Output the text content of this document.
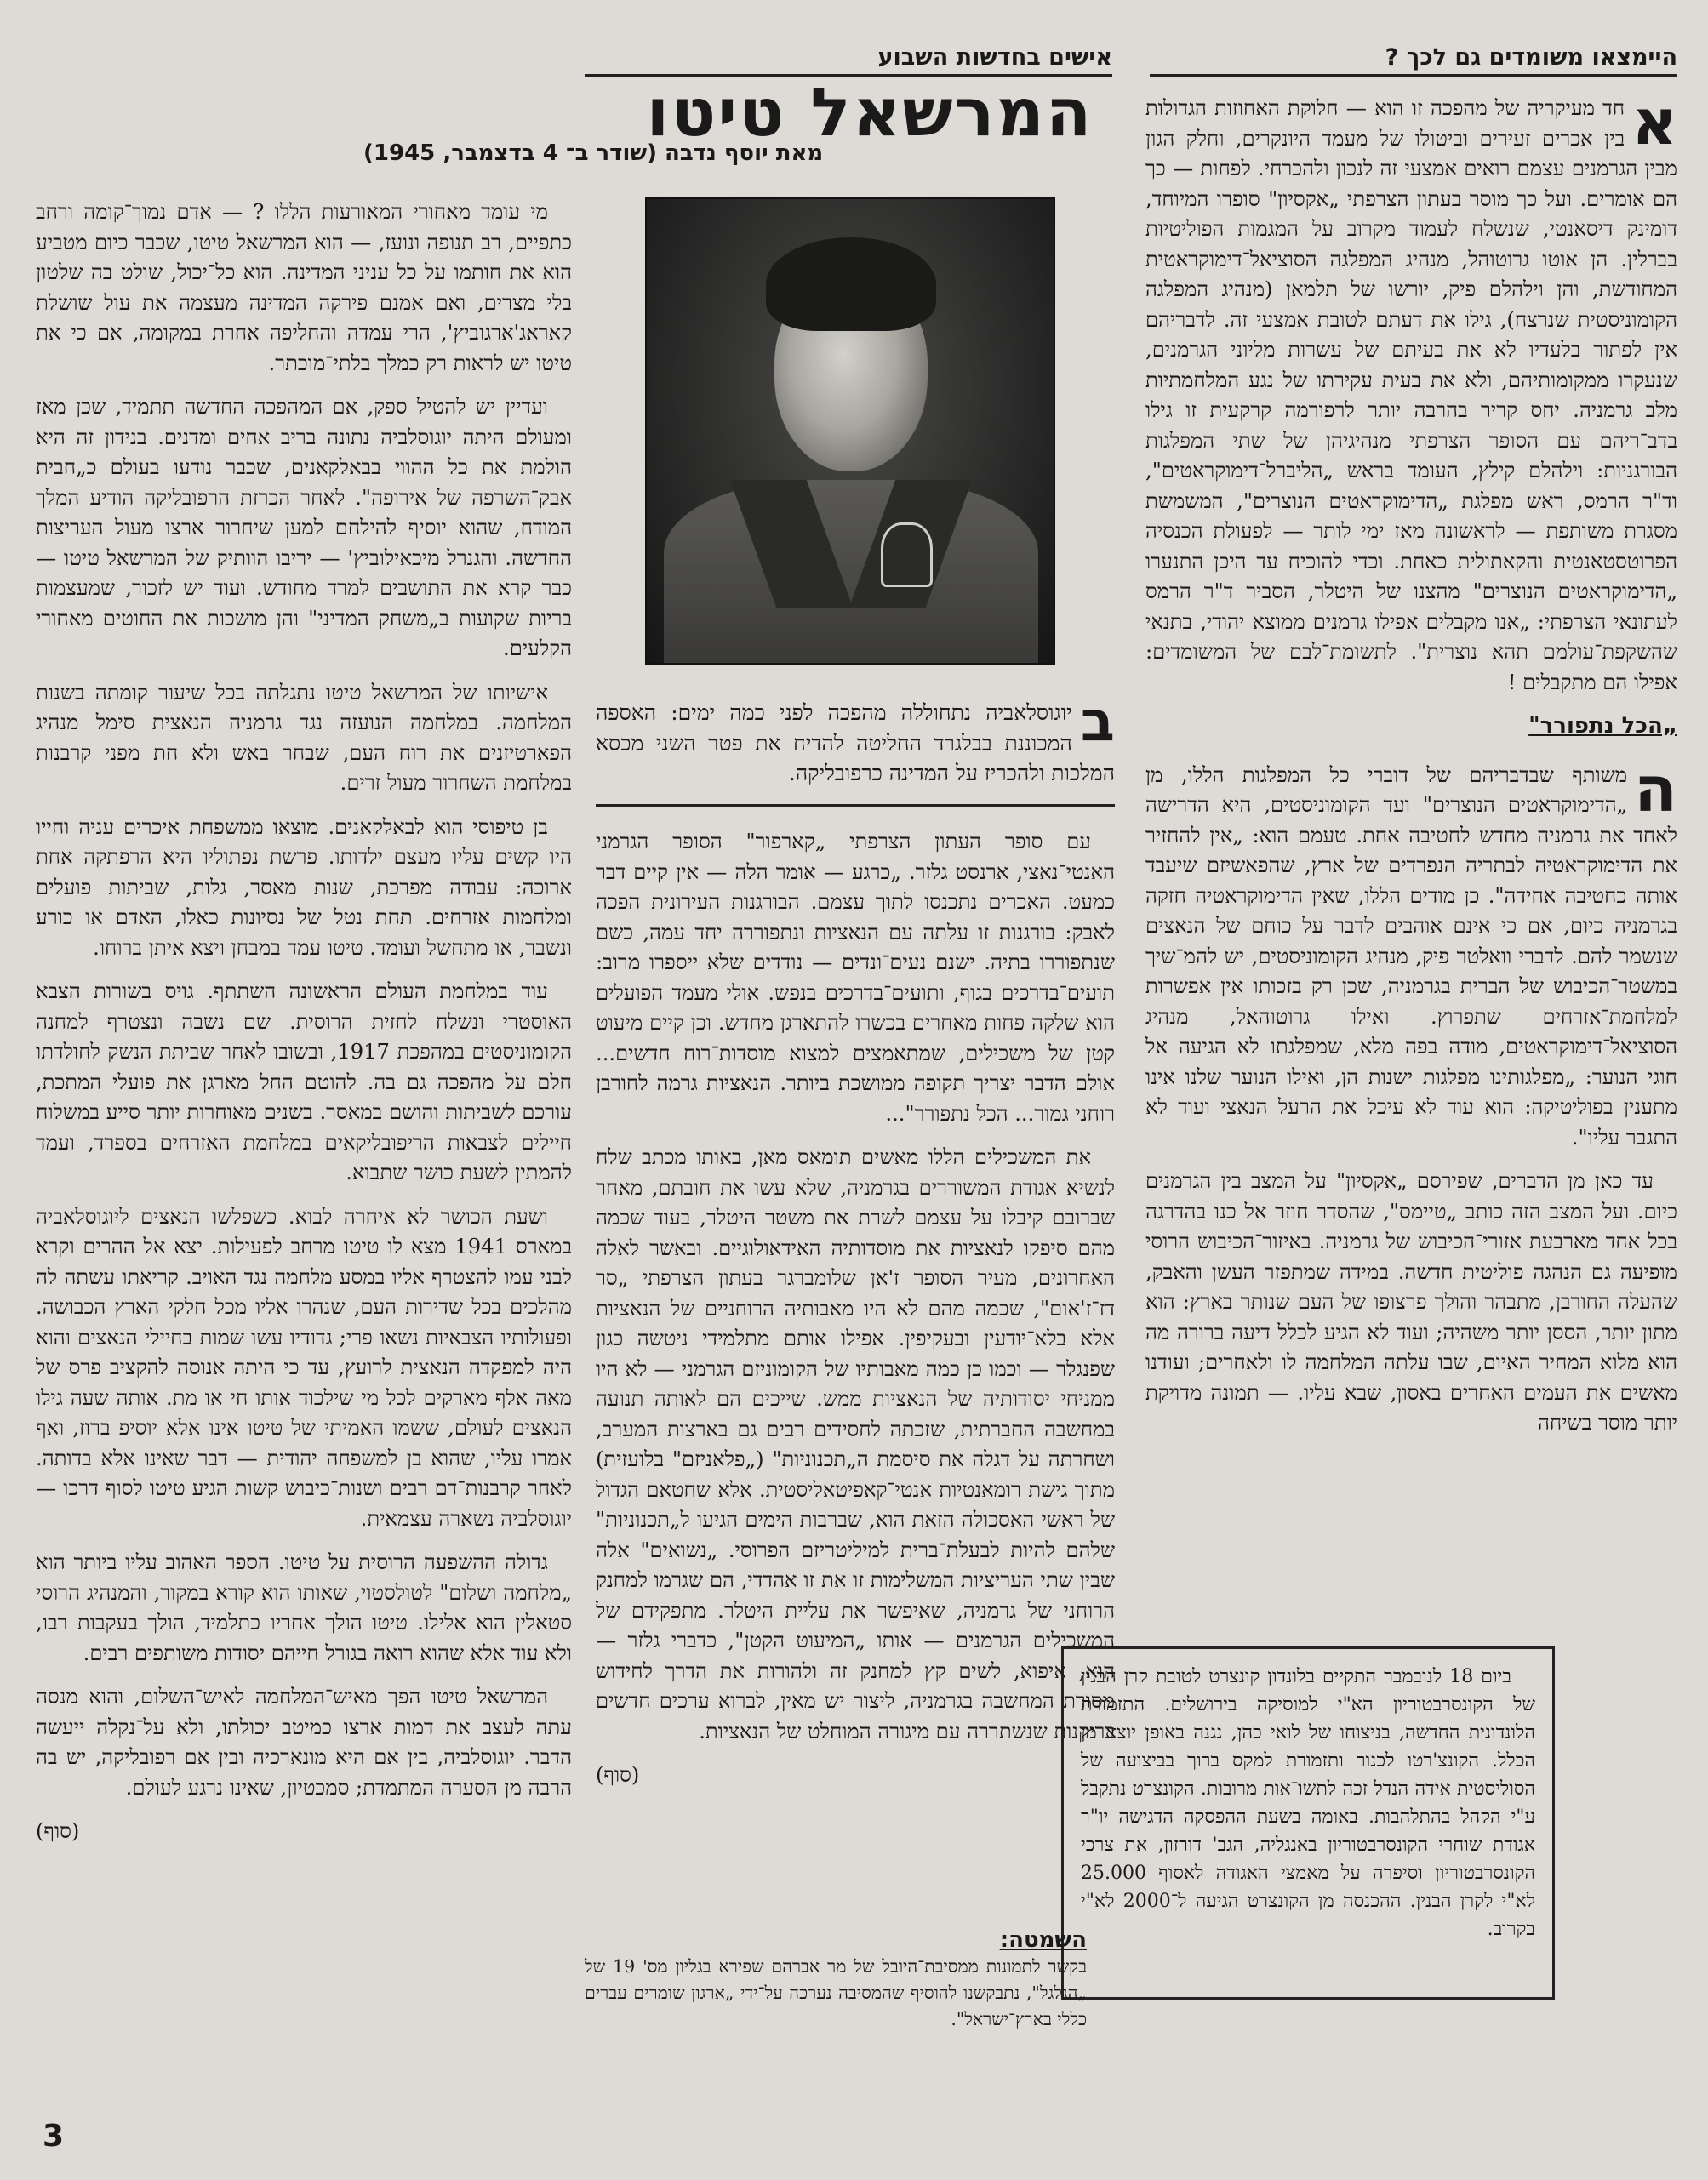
היימצאו משומדים גם לכך ?
אישים בחדשות השבוע
המרשאל טיטו
מאת יוסף נדבה (שודר ב־ 4 בדצמבר, 1945)	א
חד מעיקריה של מהפכה זו הוא — חלוקת האחוזות הגדולות בין אכרים זעירים וביטולו של מעמד היונקרים, וחלק הגון מבין הגרמנים עצמם רואים אמצעי זה לנכון ולהכרחי. לפחות — כך הם אומרים. ועל כך מוסר בעתון הצרפתי „אקסיון" סופרו המיוחד, דומינק דיסאנטי, שנשלח לעמוד מקרוב על המגמות הפוליטיות בברלין. הן אוטו גרוטוהל, מנהיג המפלגה הסוציאל־דימוקראטית המחודשת, והן וילהלם פיק, יורשו של תלמאן (מנהיג המפלגה הקומוניסטית שנרצח), גילו את דעתם לטובת אמצעי זה. לדבריהם אין לפתור בלעדיו לא את בעיתם של עשרות מליוני הגרמנים, שנעקרו ממקומותיהם, ולא את בעית עקירתו של נגע המלחמתיות מלב גרמניה. יחס קריר בהרבה יותר לרפורמה קרקעית זו גילו בדב־ריהם עם הסופר הצרפתי מנהיגיהן של שתי המפלגות הבורגניות: וילהלם קילץ, העומד בראש „הליברל־דימוקראטים", וד"ר הרמס, ראש מפלגת „הדימוקראטים הנוצרים", המשמשת מסגרת משותפת — לראשונה מאז ימי לותר — לפעולת הכנסיה הפרוטסטאנטית והקאתולית כאחת. וכדי להוכיח עד היכן התנערו „הדימוקראטים הנוצרים" מהצנו של היטלר, הסביר ד"ר הרמס לעתונאי הצרפתי: „אנו מקבלים אפילו גרמנים ממוצא יהודי, בתנאי שהשקפת־עולמם תהא נוצרית". לתשומת־לבם של המשומדים: אפילו הם מתקבלים !

„הכל נתפורר"

ה
משותף שבדבריהם של דוברי כל המפלגות הללו, מן „הדימוקראטים הנוצרים" ועד הקומוניסטים, היא הדרישה לאחד את גרמניה מחדש לחטיבה אחת. טעמם הוא: „אין להחזיר את הדימוקראטיה לבתריה הנפרדים של ארץ, שהפאשיזם שיעבד אותה כחטיבה אחידה". כן מודים הללו, שאין הדימוקראטיה חזקה בגרמניה כיום, אם כי אינם אוהבים לדבר על כוחם של הנאצים שנשמר להם. לדברי וואלטר פיק, מנהיג הקומוניסטים, יש להמ־שיך במשטר־הכיבוש של הברית בגרמניה, שכן רק בזכותו אין אפשרות למלחמת־אזרחים שתפרוץ. ואילו גרוטוהאל, מנהיג הסוציאל־דימוקראטים, מודה בפה מלא, שמפלגתו לא הגיעה אל חוגי הנוער: „מפלגותינו מפלגות ישנות הן, ואילו הנוער שלנו אינו מתענין בפוליטיקה: הוא עוד לא עיכל את הרעל הנאצי ועוד לא התגבר עליו".

עד כאן מן הדברים, שפירסם „אקסיון" על המצב בין הגרמנים כיום. ועל המצב הזה כותב „טיימס", שהסדר חוזר אל כנו בהדרגה בכל אחד מארבעת אזורי־הכיבוש של גרמניה. באיזור־הכיבוש הרוסי מופיעה גם הנהגה פוליטית חדשה. במידה שמתפזר העשן והאבק, שהעלה החורבן, מתבהר והולך פרצופו של העם שנותר בארץ: הוא מתון יותר, הססן יותר משהיה; ועוד לא הגיע לכלל דיעה ברורה מה הוא מלוא המחיר האיום, שבו עלתה המלחמה לו ולאחרים; ועודנו מאשים את העמים האחרים באסון, שבא עליו. — תמונה מדויקת יותר מוסר בשיחה

ביום 18 לנובמבר התקיים בלונדון קונצרט לטובת קרן הבנין של הקונסרבטוריון הא"י למוסיקה בירושלים. התזמורת הלונדונית החדשה, בניצוחו של לואי כהן, נגנה באופן יוצא מן הכלל. הקונצ'רטו לכנור ותזמורת למקס ברוך בביצועה של הסוליסטית אידה הנדל זכה לתשו־אות מרובות. הקונצרט נתקבל ע"י הקהל בהתלהבות. באומה בשעת ההפסקה הדגישה יו"ר אגודת שוחרי הקונסרבטוריון באנגליה, הגב' דורזון, את צרכי הקונסרבטוריון וסיפרה על מאמצי האגודה לאסוף 25.000 לא"י לקרן הבנין. ההכנסה מן הקונצרט הגיעה ל־2000 לא"י בקרוב.

ב
יוגוסלאביה נתחוללה מהפכה לפני כמה ימים: האספה המכוננת בבלגרד החליטה להדיח את פטר השני מכסא המלכות ולהכריז על המדינה כרפובליקה.

עם סופר העתון הצרפתי „קארפור" הסופר הגרמני האנטי־נאצי, ארנסט גלזר. „כרגע — אומר הלה — אין קיים דבר כמעט. האכרים נתכנסו לתוך עצמם. הבורגנות העירונית הפכה לאבק: בורגנות זו עלתה עם הנאציות ונתפוררה יחד עמה, כשם שנתפוררו בתיה. ישנם נעים־ונדים — נודדים שלא ייספרו מרוב: תועים־בדרכים בגוף, ותועים־בדרכים בנפש. אולי מעמד הפועלים הוא שלקה פחות מאחרים בכשרו להתארגן מחדש. וכן קיים מיעוט קטן של משכילים, שמתאמצים למצוא מוסדות־רוח חדשים... אולם הדבר יצריך תקופה ממושכת ביותר. הנאציות גרמה לחורבן רוחני גמור... הכל נתפורר"...

את המשכילים הללו מאשים תומאס מאן, באותו מכתב שלח לנשיא אגודת המשוררים בגרמניה, שלא עשו את חובתם, מאחר שברובם קיבלו על עצמם לשרת את משטר היטלר, בעוד שכמה מהם סיפקו לנאציות את מוסדותיה האידאולוגיים. ובאשר לאלה האחרונים, מעיר הסופר ז'אן שלומברגר בעתון הצרפתי „סר דז־ז'אום", שכמה מהם לא היו מאבותיה הרוחניים של הנאציות אלא בלא־יודעין ובעקיפין. אפילו אותם מתלמידי ניטשה כגון שפנגלר — וכמו כן כמה מאבותיו של הקומוניזם הגרמני — לא היו ממניחי יסודותיה של הנאציות ממש. שייכים הם לאותה תנועה במחשבה החברתית, שזכתה לחסידים רבים גם בארצות המערב, ושחרתה על דגלה את סיסמת ה„תכנוניות" („פלאניזם" בלועזית) מתוך גישת רומאנטיות אנטי־קאפיטאליסטית. אלא שחטאם הגדול של ראשי האסכולה הזאת הוא, שברבות הימים הגיעו ל„תכנוניות" שלהם להיות לבעלת־ברית למיליטריזם הפרוסי. „נשואים" אלה שבין שתי העריציות המשלימות זו את זו אהדדי, הם שגרמו למחנק הרוחני של גרמניה, שאיפשר את עליית היטלר. מתפקידם של המשכילים הגרמנים — אותו „המיעוט הקטן", כדברי גלזר — הוא, איפוא, לשים קץ למחנק זה ולהורות את הדרך לחידוש מסורת המחשבה בגרמניה, ליצור יש מאין, לברוא ערכים חדשים בריקנות שנשתררה עם מיגורה המוחלט של הנאציות.

(סוף)

השמטה:
בקשר לתמונות ממסיבת־היובל של מר אברהם שפירא בגליון מס' 19 של „הגלגל", נתבקשנו להוסיף שהמסיבה נערכה על־ידי „ארגון שומרים עברים כללי בארץ־ישראל".

מי עומד מאחורי המאורעות הללו ? — אדם נמוך־קומה ורחב כתפיים, רב תנופה ונועז, — הוא המרשאל טיטו, שכבר כיום מטביע הוא את חותמו על כל עניני המדינה. הוא כל־יכול, שולט בה שלטון בלי מצרים, ואם אמנם פירקה המדינה מעצמה את עול שושלת קאראג'ארגוביץ', הרי עמדה והחליפה אחרת במקומה, אם כי את טיטו יש לראות רק כמלך בלתי־מוכתר.

ועדיין יש להטיל ספק, אם המהפכה החדשה תתמיד, שכן מאז ומעולם היתה יוגוסלביה נתונה בריב אחים ומדנים. בנידון זה היא הולמת את כל ההווי בבאלקאנים, שכבר נודעו בעולם כ„חבית אבק־השרפה של אירופה". לאחר הכרזת הרפובליקה הודיע המלך המודח, שהוא יוסיף להילחם למען שיחרור ארצו מעול העריצות החדשה. והגנרל מיכאילוביץ' — יריבו הוותיק של המרשאל טיטו — כבר קרא את התושבים למרד מחודש. ועוד יש לזכור, שמעצמות בריות שקועות ב„משחק המדיני" והן מושכות את החוטים מאחורי הקלעים.

אישיותו של המרשאל טיטו נתגלתה בכל שיעור קומתה בשנות המלחמה. במלחמה הנועזה נגד גרמניה הנאצית סימל מנהיג הפארטיזנים את רוח העם, שבחר באש ולא חת מפני קרבנות במלחמת השחרור מעול זרים.

בן טיפוסי הוא לבאלקאנים. מוצאו ממשפחת איכרים עניה וחייו היו קשים עליו מעצם ילדותו. פרשת נפתוליו היא הרפתקה אחת ארוכה: עבודה מפרכת, שנות מאסר, גלות, שביתות פועלים ומלחמות אזרחים. תחת נטל של נסיונות כאלו, האדם או כורע ונשבר, או מתחשל ועומד. טיטו עמד במבחן ויצא איתן ברוחו.

עוד במלחמת העולם הראשונה השתתף. גויס בשורות הצבא האוסטרי ונשלח לחזית הרוסית. שם נשבה ונצטרף למחנה הקומוניסטים במהפכת 1917, ובשובו לאחר שביתת הנשק לחולדתו חלם על מהפכה גם בה. להוטם החל מארגן את פועלי המתכת, עורכם לשביתות והושם במאסר. בשנים מאוחרות יותר סייע במשלוח חיילים לצבאות הריפובליקאים במלחמת האזרחים בספרד, ועמד להמתין לשעת כושר שתבוא.

ושעת הכושר לא איחרה לבוא. כשפלשו הנאצים ליוגוסלאביה במארס 1941 מצא לו טיטו מרחב לפעילות. יצא אל ההרים וקרא לבני עמו להצטרף אליו במסע מלחמה נגד האויב. קריאתו עשתה לה מהלכים בכל שדירות העם, שנהרו אליו מכל חלקי הארץ הכבושה. ופעולותיו הצבאיות נשאו פרי; גדודיו עשו שמות בחיילי הנאצים והוא היה למפקדה הנאצית לרועץ, עד כי היתה אנוסה להקציב פרס של מאה אלף מארקים לכל מי שילכוד אותו חי או מת. אותה שעה גילו הנאצים לעולם, ששמו האמיתי של טיטו אינו אלא יוסיפ ברוז, ואף אמרו עליו, שהוא בן למשפחה יהודית — דבר שאינו אלא בדותה. לאחר קרבנות־דם רבים ושנות־כיבוש קשות הגיע טיטו לסוף דרכו — יוגוסלביה נשארה עצמאית.

גדולה ההשפעה הרוסית על טיטו. הספר האהוב עליו ביותר הוא „מלחמה ושלום" לטולסטוי, שאותו הוא קורא במקור, והמנהיג הרוסי סטאלין הוא אלילו. טיטו הולך אחריו כתלמיד, הולך בעקבות רבו, ולא עוד אלא שהוא רואה בגורל חייהם יסודות משותפים רבים.

המרשאל טיטו הפך מאיש־המלחמה לאיש־השלום, והוא מנסה עתה לעצב את דמות ארצו כמיטב יכולתו, ולא על־נקלה ייעשה הדבר. יוגוסלביה, בין אם היא מונארכיה ובין אם רפובליקה, יש בה הרבה מן הסערה המתמדת; סמכטיון, שאינו נרגע לעולם.

(סוף)

3
